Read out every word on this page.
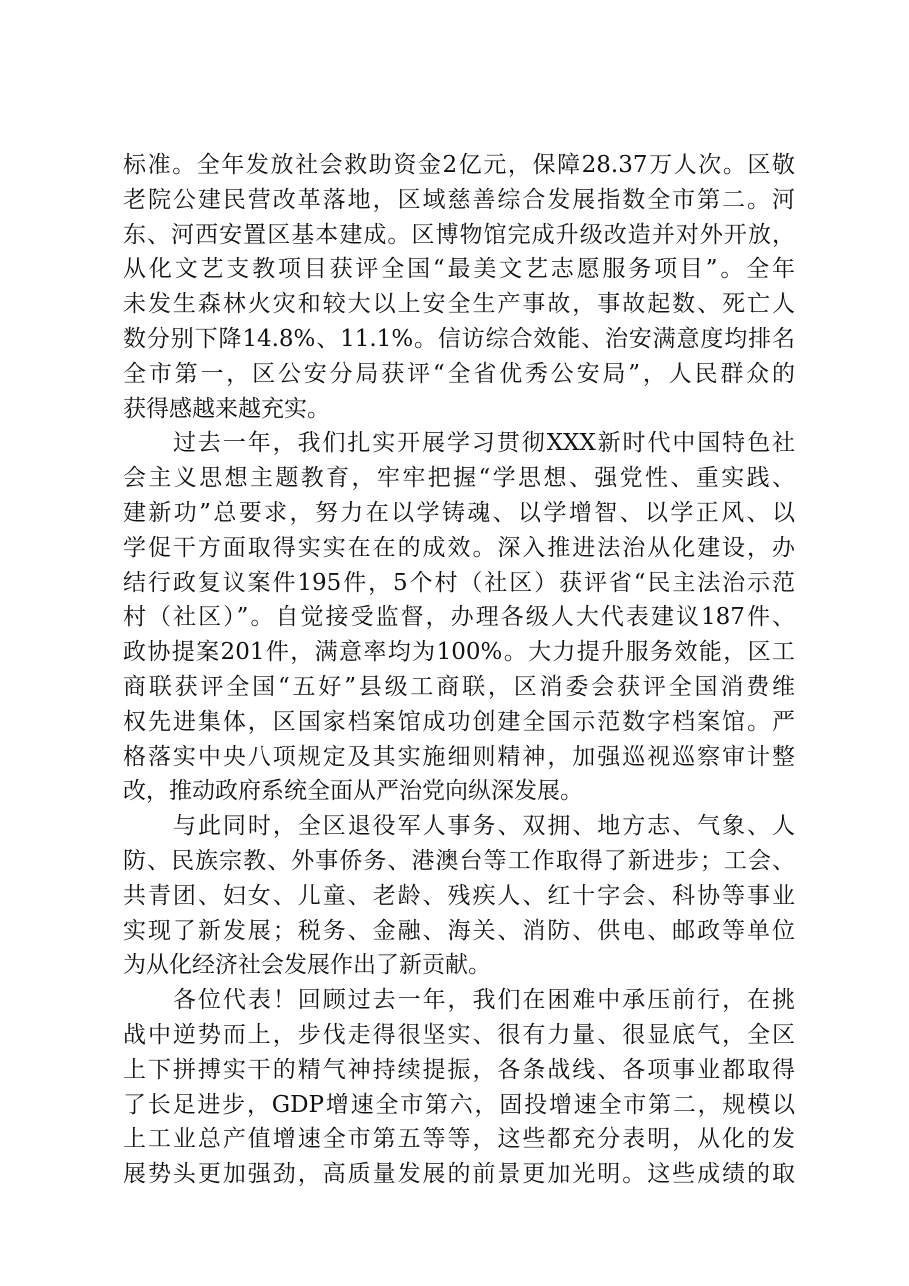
标准。全年发放社会救助资金2亿元，保障28.37万人次。区敬
老院公建民营改革落地，区域慈善综合发展指数全市第二。河
东、河西安置区基本建成。区博物馆完成升级改造并对外开放，
从化文艺支教项目获评全国“最美文艺志愿服务项目”。全年
未发生森林火灾和较大以上安全生产事故，事故起数、死亡人
数分别下降14.8%、11.1%。信访综合效能、治安满意度均排名
全市第一，区公安分局获评“全省优秀公安局”，人民群众的
获得感越来越充实。
过去一年，我们扎实开展学习贯彻XXX新时代中国特色社
会主义思想主题教育，牢牢把握“学思想、强党性、重实践、
建新功”总要求，努力在以学铸魂、以学增智、以学正风、以
学促干方面取得实实在在的成效。深入推进法治从化建设，办
结行政复议案件195件，5个村（社区）获评省“民主法治示范
村（社区）”。自觉接受监督，办理各级人大代表建议187件、
政协提案201件，满意率均为100%。大力提升服务效能，区工
商联获评全国“五好”县级工商联，区消委会获评全国消费维
权先进集体，区国家档案馆成功创建全国示范数字档案馆。严
格落实中央八项规定及其实施细则精神，加强巡视巡察审计整
改，推动政府系统全面从严治党向纵深发展。
与此同时，全区退役军人事务、双拥、地方志、气象、人
防、民族宗教、外事侨务、港澳台等工作取得了新进步；工会、
共青团、妇女、儿童、老龄、残疾人、红十字会、科协等事业
实现了新发展；税务、金融、海关、消防、供电、邮政等单位
为从化经济社会发展作出了新贡献。
各位代表！回顾过去一年，我们在困难中承压前行，在挑
战中逆势而上，步伐走得很坚实、很有力量、很显底气，全区
上下拼搏实干的精气神持续提振，各条战线、各项事业都取得
了长足进步，GDP增速全市第六，固投增速全市第二，规模以
上工业总产值增速全市第五等等，这些都充分表明，从化的发
展势头更加强劲，高质量发展的前景更加光明。这些成绩的取
